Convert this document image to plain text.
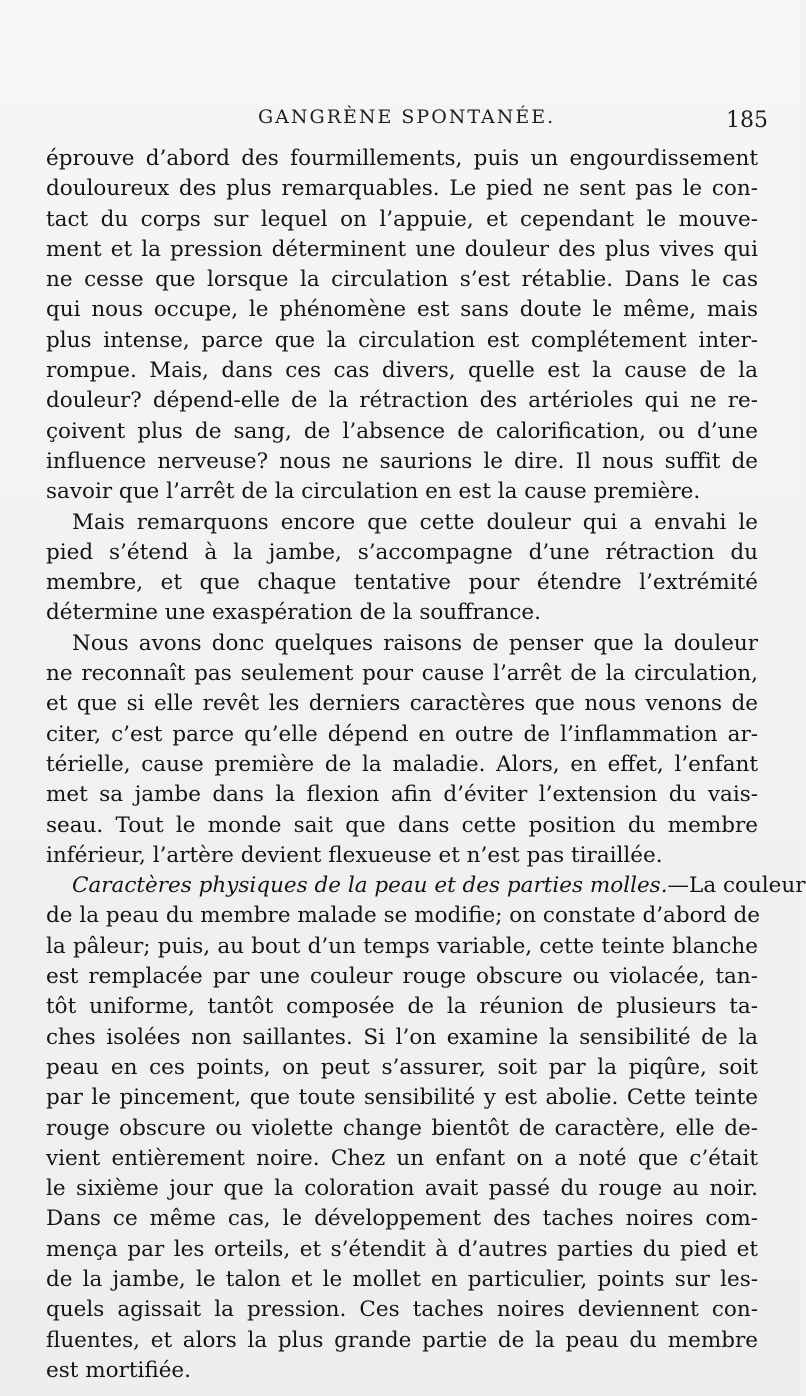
GANGRÈNE SPONTANÉE.	185
éprouve d’abord des fourmillements, puis un engourdissement
douloureux des plus remarquables. Le pied ne sent pas le con-
tact du corps sur lequel on l’appuie, et cependant le mouve-
ment et la pression déterminent une douleur des plus vives qui
ne cesse que lorsque la circulation s’est rétablie. Dans le cas
qui nous occupe, le phénomène est sans doute le même, mais
plus intense, parce que la circulation est complétement inter-
rompue. Mais, dans ces cas divers, quelle est la cause de la
douleur? dépend-elle de la rétraction des artérioles qui ne re-
çoivent plus de sang, de l’absence de calorification, ou d’une
influence nerveuse? nous ne saurions le dire. Il nous suffit de
savoir que l’arrêt de la circulation en est la cause première.
Mais remarquons encore que cette douleur qui a envahi le
pied s’étend à la jambe, s’accompagne d’une rétraction du
membre, et que chaque tentative pour étendre l’extrémité
détermine une exaspération de la souffrance.
Nous avons donc quelques raisons de penser que la douleur
ne reconnaît pas seulement pour cause l’arrêt de la circulation,
et que si elle revêt les derniers caractères que nous venons de
citer, c’est parce qu’elle dépend en outre de l’inflammation ar-
térielle, cause première de la maladie. Alors, en effet, l’enfant
met sa jambe dans la flexion afin d’éviter l’extension du vais-
seau. Tout le monde sait que dans cette position du membre
inférieur, l’artère devient flexueuse et n’est pas tiraillée.
Caractères physiques de la peau et des parties molles.—La couleur
de la peau du membre malade se modifie; on constate d’abord de
la pâleur; puis, au bout d’un temps variable, cette teinte blanche
est remplacée par une couleur rouge obscure ou violacée, tan-
tôt uniforme, tantôt composée de la réunion de plusieurs ta-
ches isolées non saillantes. Si l’on examine la sensibilité de la
peau en ces points, on peut s’assurer, soit par la piqûre, soit
par le pincement, que toute sensibilité y est abolie. Cette teinte
rouge obscure ou violette change bientôt de caractère, elle de-
vient entièrement noire. Chez un enfant on a noté que c’était
le sixième jour que la coloration avait passé du rouge au noir.
Dans ce même cas, le développement des taches noires com-
mença par les orteils, et s’étendit à d’autres parties du pied et
de la jambe, le talon et le mollet en particulier, points sur les-
quels agissait la pression. Ces taches noires deviennent con-
fluentes, et alors la plus grande partie de la peau du membre
est mortifiée.
